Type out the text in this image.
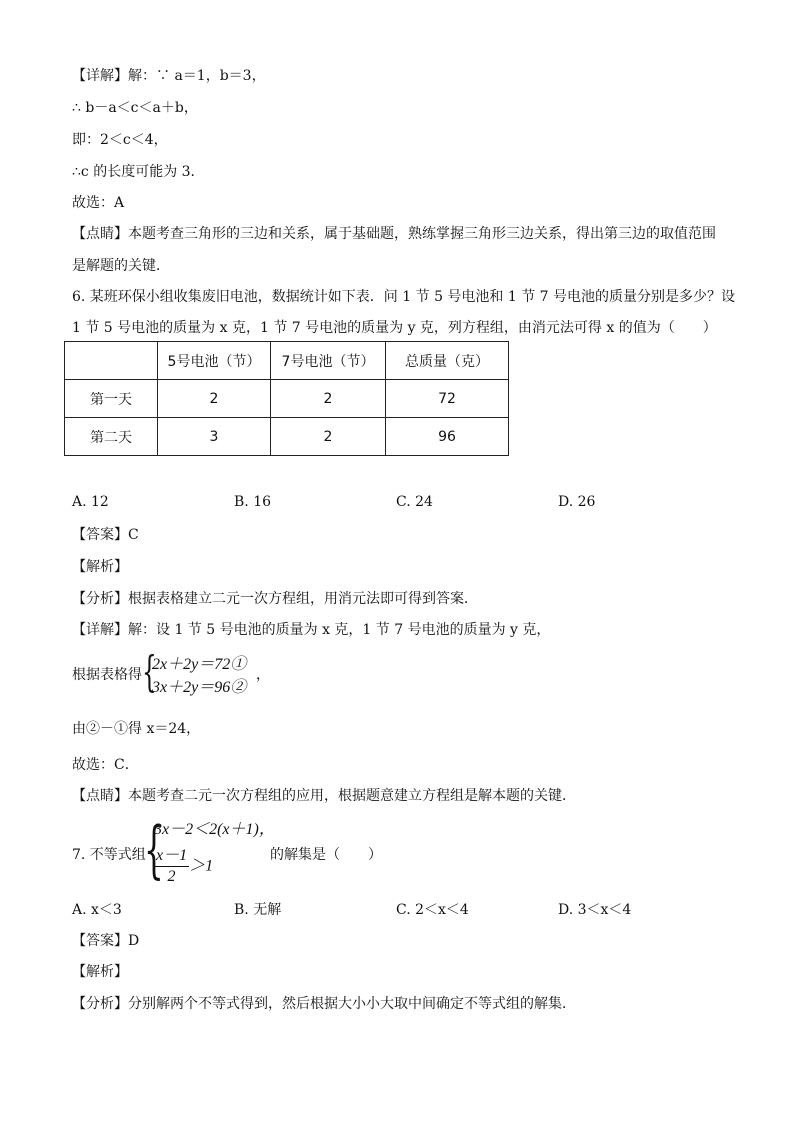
【详解】解：∵ a＝1，b＝3，
∴ b－a＜c＜a＋b，
即：2＜c＜4，
∴c 的长度可能为 3．
故选：A
【点睛】本题考查三角形的三边和关系，属于基础题，熟练掌握三角形三边关系，得出第三边的取值范围
是解题的关键．
6. 某班环保小组收集废旧电池，数据统计如下表．问 1 节 5 号电池和 1 节 7 号电池的质量分别是多少？设
1 节 5 号电池的质量为 x 克，1 节 7 号电池的质量为 y 克，列方程组，由消元法可得 x 的值为（　　）
	5号电池（节）	7号电池（节）	总质量（克）
第一天	2	2	72
第二天	3	2	96
A. 12	B. 16	C. 24	D. 26
【答案】C
【解析】
【分析】根据表格建立二元一次方程组，用消元法即可得到答案．
【详解】解：设 1 节 5 号电池的质量为 x 克，1 节 7 号电池的质量为 y 克，
根据表格得 {
2x＋2y＝72①
3x＋2y＝96②
，
由②－①得 x＝24，
故选：C．
【点睛】本题考查二元一次方程组的应用，根据题意建立方程组是解本题的关键．
7. 不等式组
{
3x－2＜2(x＋1)，
$\frac{x-1}{2} >1$
的解集是（　　）
A. x＜3	B. 无解	C. 2＜x＜4	D. 3＜x＜4
【答案】D
【解析】
【分析】分别解两个不等式得到，然后根据大小小大取中间确定不等式组的解集．
